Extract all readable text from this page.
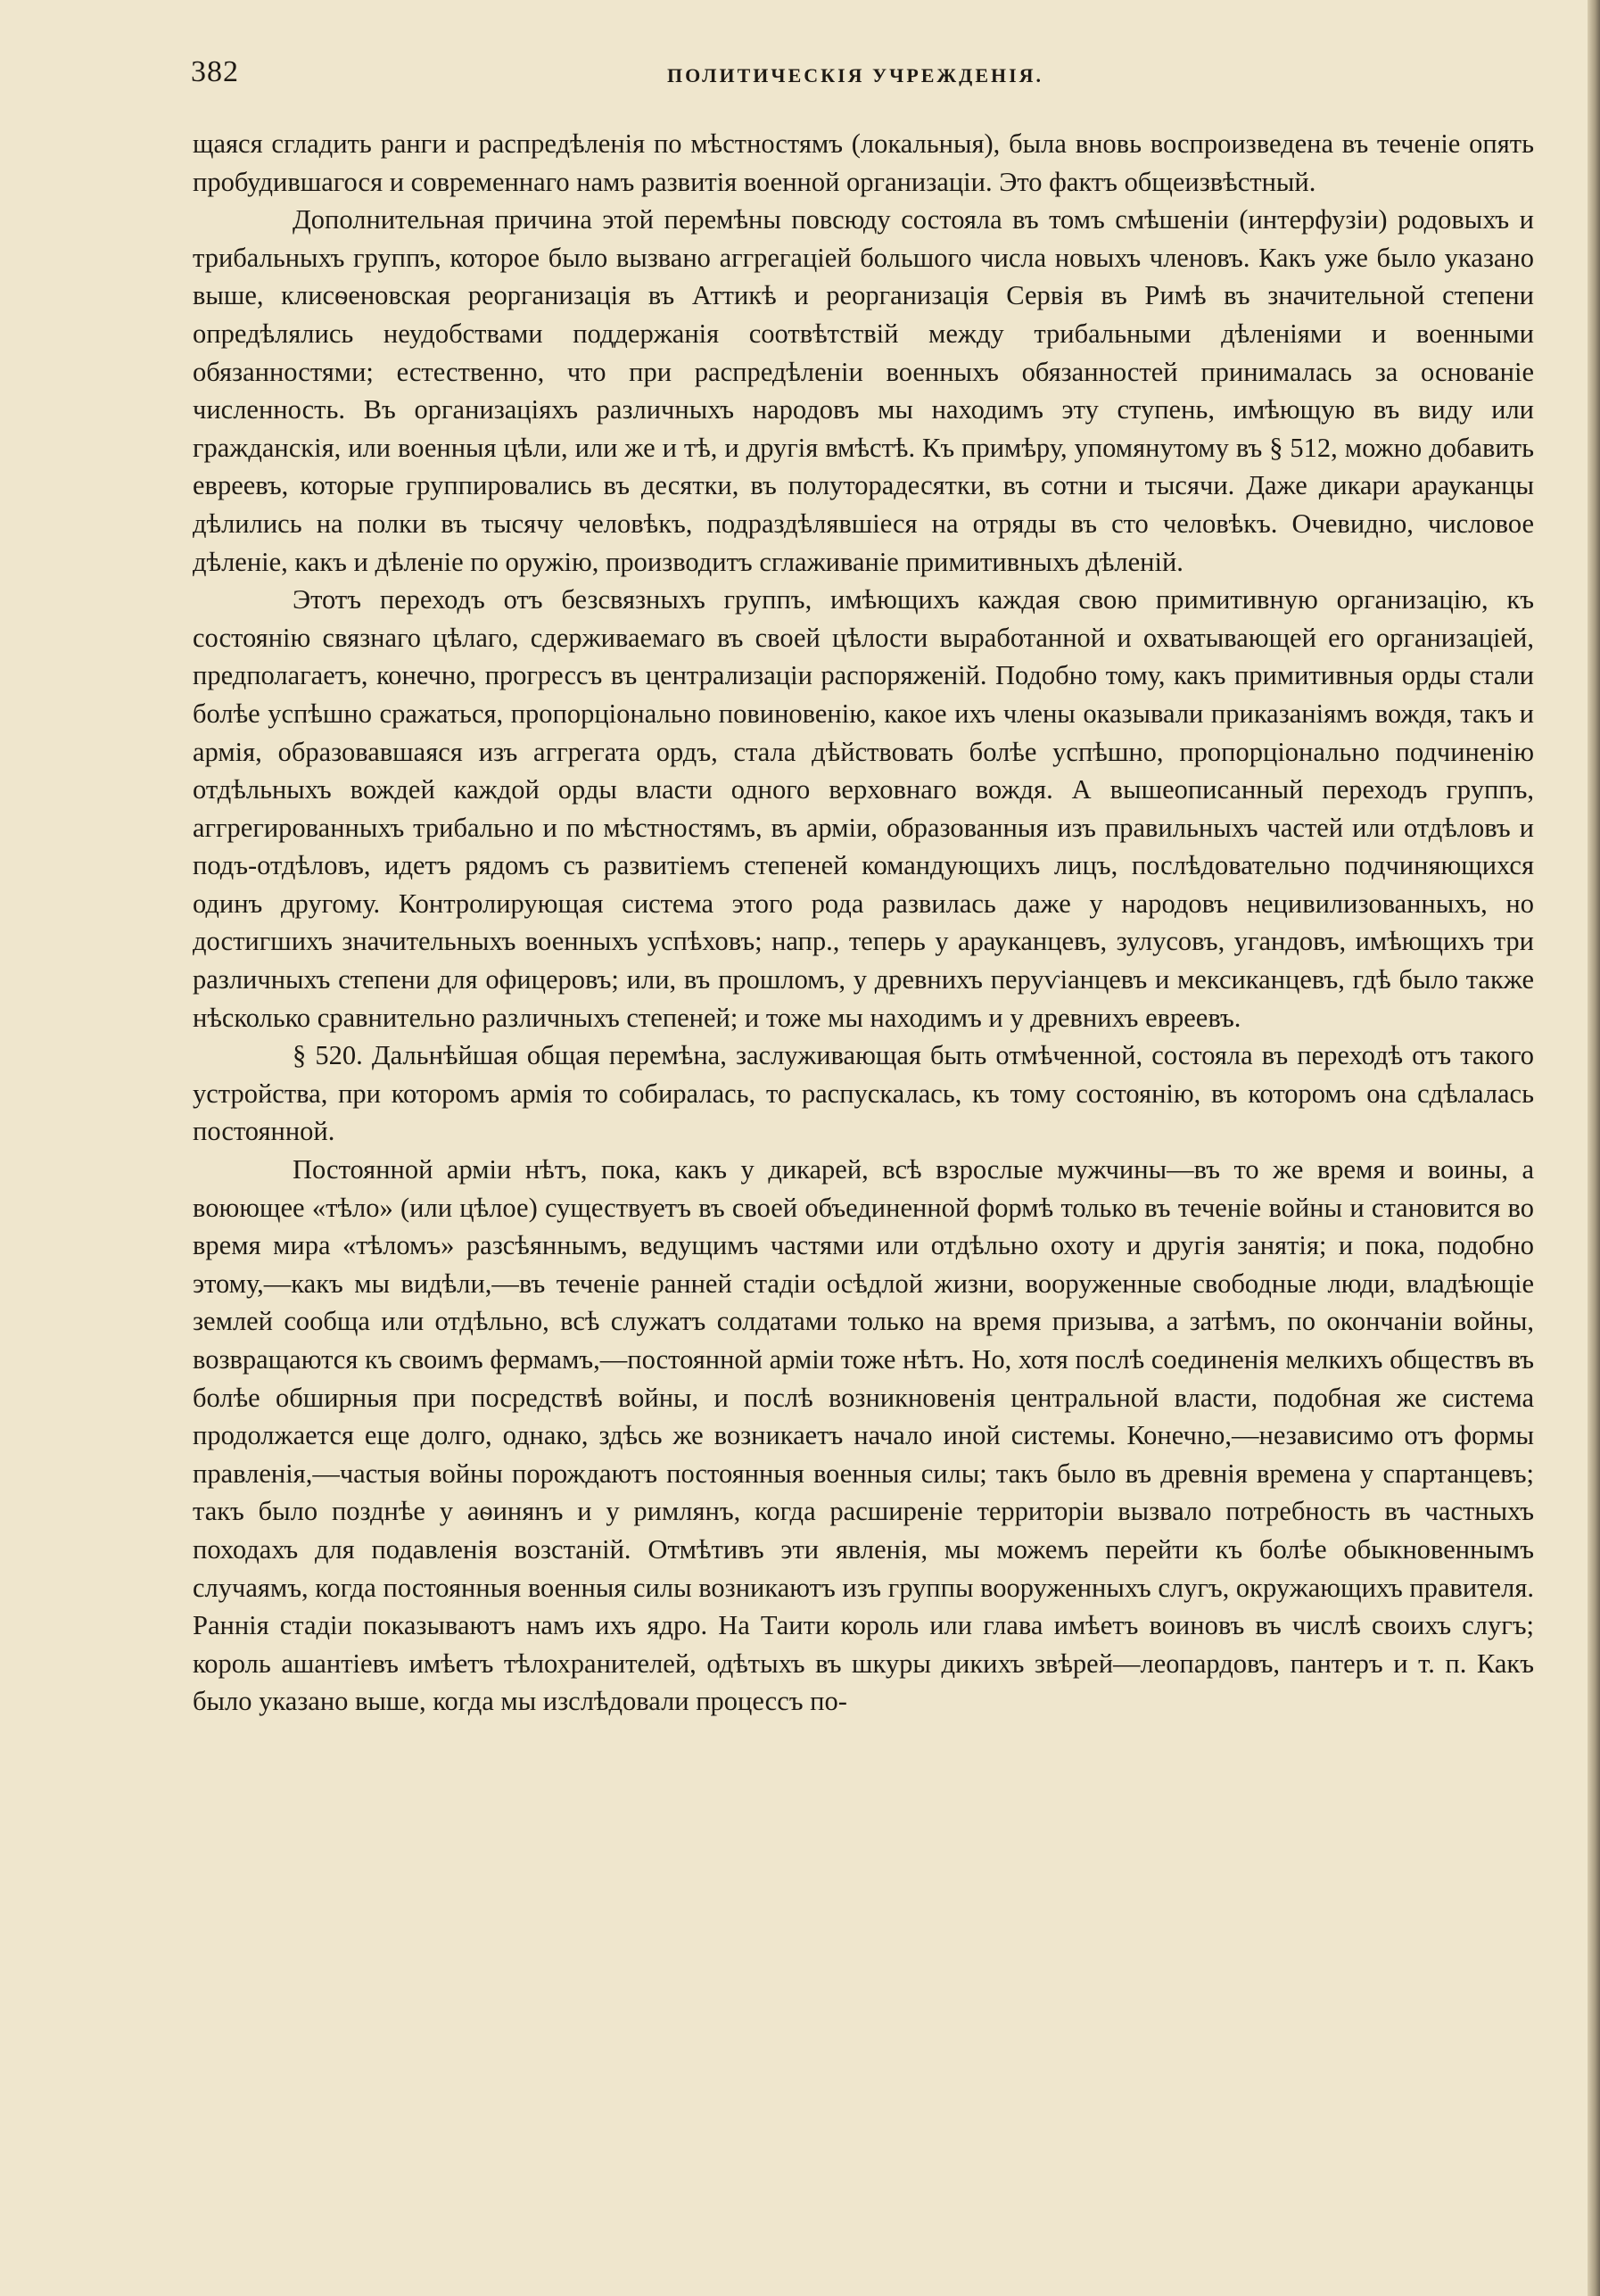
382	ПОЛИТИЧЕСКІЯ УЧРЕЖДЕНІЯ.

щаяся сгладить ранги и распредѣленія по мѣстностямъ (локальныя), была вновь воспроизведена въ теченіе опять пробудившагося и современнаго намъ развитія военной организаціи. Это фактъ общеизвѣстный.

Дополнительная причина этой перемѣны повсюду состояла въ томъ смѣшеніи (интерфузіи) родовыхъ и трибальныхъ группъ, которое было вызвано аггрегаціей большого числа новыхъ членовъ. Какъ уже было указано выше, клисѳеновская реорганизація въ Аттикѣ и реорганизація Сервія въ Римѣ въ значительной степени опредѣлялись неудобствами поддержанія соотвѣтствій между трибальными дѣленіями и военными обязанностями; естественно, что при распредѣленіи военныхъ обязанностей принималась за основаніе численность. Въ организаціяхъ различныхъ народовъ мы находимъ эту ступень, имѣющую въ виду или гражданскія, или военныя цѣли, или же и тѣ, и другія вмѣстѣ. Къ примѣру, упомянутому въ § 512, можно добавить евреевъ, которые группировались въ десятки, въ полуторадесятки, въ сотни и тысячи. Даже дикари арауканцы дѣлились на полки въ тысячу человѣкъ, подраздѣлявшіеся на отряды въ сто человѣкъ. Очевидно, числовое дѣленіе, какъ и дѣленіе по оружію, производитъ сглаживаніе примитивныхъ дѣленій.

Этотъ переходъ отъ безсвязныхъ группъ, имѣющихъ каждая свою примитивную организацію, къ состоянію связнаго цѣлаго, сдерживаемаго въ своей цѣлости выработанной и охватывающей его организаціей, предполагаетъ, конечно, прогрессъ въ централизаціи распоряженій. Подобно тому, какъ примитивныя орды стали болѣе успѣшно сражаться, пропорціонально повиновенію, какое ихъ члены оказывали приказаніямъ вождя, такъ и армія, образовавшаяся изъ аггрегата ордъ, стала дѣйствовать болѣе успѣшно, пропорціонально подчиненію отдѣльныхъ вождей каждой орды власти одного верховнаго вождя. А вышеописанный переходъ группъ, аггрегированныхъ трибально и по мѣстностямъ, въ арміи, образованныя изъ правильныхъ частей или отдѣловъ и подъ-отдѣловъ, идетъ рядомъ съ развитіемъ степеней командующихъ лицъ, послѣдовательно подчиняющихся одинъ другому. Контролирующая система этого рода развилась даже у народовъ нецивилизованныхъ, но достигшихъ значительныхъ военныхъ успѣховъ; напр., теперь у арауканцевъ, зулусовъ, угандовъ, имѣющихъ три различныхъ степени для офицеровъ; или, въ прошломъ, у древнихъ перуѵіанцевъ и мексиканцевъ, гдѣ было также нѣсколько сравнительно различныхъ степеней; и тоже мы находимъ и у древнихъ евреевъ.

§ 520. Дальнѣйшая общая перемѣна, заслуживающая быть отмѣченной, состояла въ переходѣ отъ такого устройства, при которомъ армія то собиралась, то распускалась, къ тому состоянію, въ которомъ она сдѣлалась постоянной.

Постоянной арміи нѣтъ, пока, какъ у дикарей, всѣ взрослые мужчины—въ то же время и воины, а воюющее «тѣло» (или цѣлое) существуетъ въ своей объединенной формѣ только въ теченіе войны и становится во время мира «тѣломъ» разсѣяннымъ, ведущимъ частями или отдѣльно охоту и другія занятія; и пока, подобно этому,—какъ мы видѣли,—въ теченіе ранней стадіи осѣдлой жизни, вооруженные свободные люди, владѣющіе землей сообща или отдѣльно, всѣ служатъ солдатами только на время призыва, а затѣмъ, по окончаніи войны, возвращаются къ своимъ фермамъ,—постоянной арміи тоже нѣтъ. Но, хотя послѣ соединенія мелкихъ обществъ въ болѣе обширныя при посредствѣ войны, и послѣ возникновенія центральной власти, подобная же система продолжается еще долго, однако, здѣсь же возникаетъ начало иной системы. Конечно,—независимо отъ формы правленія,—частыя войны порождаютъ постоянныя военныя силы; такъ было въ древнія времена у спартанцевъ; такъ было позднѣе у аѳинянъ и у римлянъ, когда расширеніе территоріи вызвало потребность въ частныхъ походахъ для подавленія возстаній. Отмѣтивъ эти явленія, мы можемъ перейти къ болѣе обыкновеннымъ случаямъ, когда постоянныя военныя силы возникаютъ изъ группы вооруженныхъ слугъ, окружающихъ правителя. Раннія стадіи показываютъ намъ ихъ ядро. На Таити король или глава имѣетъ воиновъ въ числѣ своихъ слугъ; король ашантіевъ имѣетъ тѣлохранителей, одѣтыхъ въ шкуры дикихъ звѣрей—леопардовъ, пантеръ и т. п. Какъ было указано выше, когда мы изслѣдовали процессъ по-
